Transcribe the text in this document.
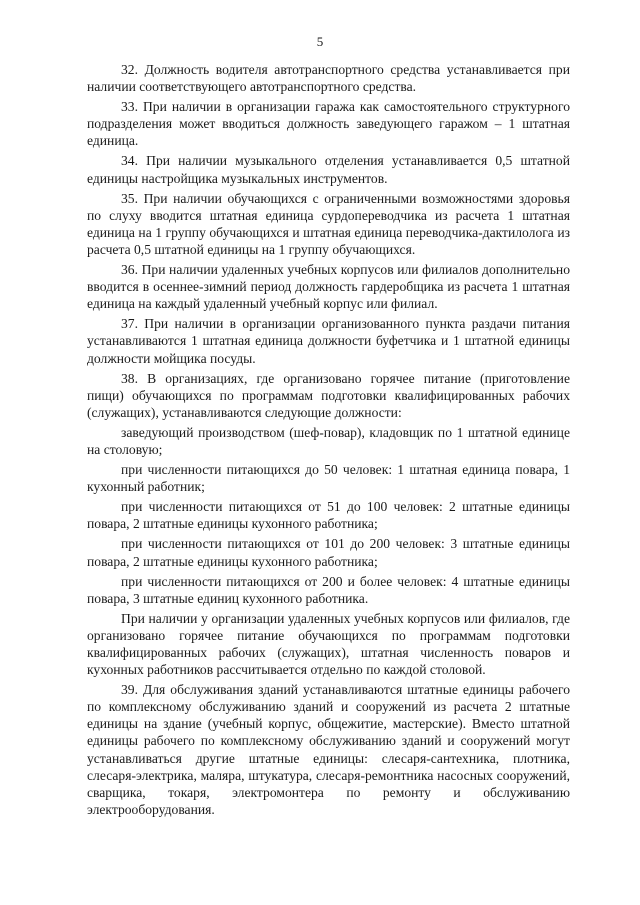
5

32. Должность водителя автотранспортного средства устанавливается при наличии соответствующего автотранспортного средства.

33. При наличии в организации гаража как самостоятельного структурного подразделения может вводиться должность заведующего гаражом – 1 штатная единица.

34. При наличии музыкального отделения устанавливается 0,5 штатной единицы настройщика музыкальных инструментов.

35. При наличии обучающихся с ограниченными возможностями здоровья по слуху вводится штатная единица сурдопереводчика из расчета 1 штатная единица на 1 группу обучающихся и штатная единица переводчика-дактилолога из расчета 0,5 штатной единицы на 1 группу обучающихся.

36. При наличии удаленных учебных корпусов или филиалов дополнительно вводится в осеннее-зимний период должность гардеробщика из расчета 1 штатная единица на каждый удаленный учебный корпус или филиал.

37. При наличии в организации организованного пункта раздачи питания устанавливаются 1 штатная единица должности буфетчика и 1 штатной единицы должности мойщика посуды.

38. В организациях, где организовано горячее питание (приготовление пищи) обучающихся по программам подготовки квалифицированных рабочих (служащих), устанавливаются следующие должности:

заведующий производством (шеф-повар), кладовщик по 1 штатной единице на столовую;

при численности питающихся до 50 человек: 1 штатная единица повара, 1 кухонный работник;

при численности питающихся от 51 до 100 человек: 2 штатные единицы повара, 2 штатные единицы кухонного работника;

при численности питающихся от 101 до 200 человек: 3 штатные единицы повара, 2 штатные единицы кухонного работника;

при численности питающихся от 200 и более человек: 4 штатные единицы повара, 3 штатные единиц кухонного работника.

При наличии у организации удаленных учебных корпусов или филиалов, где организовано горячее питание обучающихся по программам подготовки квалифицированных рабочих (служащих), штатная численность поваров и кухонных работников рассчитывается отдельно по каждой столовой.

39. Для обслуживания зданий устанавливаются штатные единицы рабочего по комплексному обслуживанию зданий и сооружений из расчета 2 штатные единицы на здание (учебный корпус, общежитие, мастерские). Вместо штатной единицы рабочего по комплексному обслуживанию зданий и сооружений могут устанавливаться другие штатные единицы: слесаря-сантехника, плотника, слесаря-электрика, маляра, штукатура, слесаря-ремонтника насосных сооружений, сварщика, токаря, электромонтера по ремонту и обслуживанию электрооборудования.
